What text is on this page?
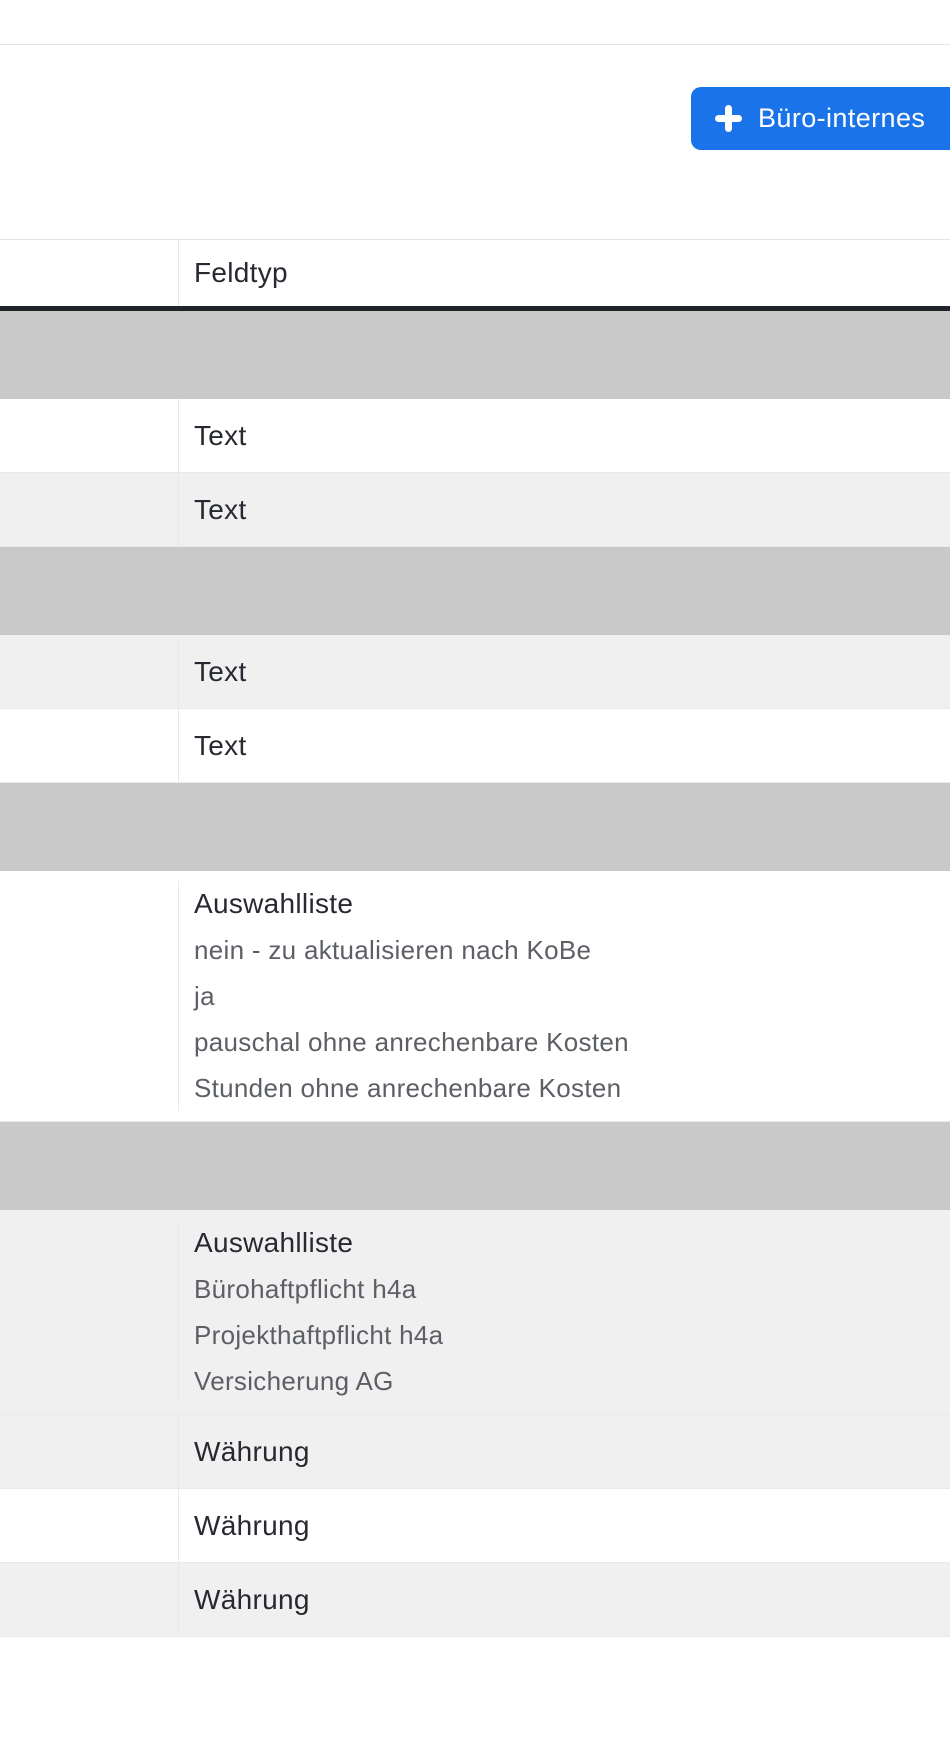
Büro-internes
Feldtyp
Text
Text
Text
Text
Auswahlliste
nein - zu aktualisieren nach KoBe
ja
pauschal ohne anrechenbare Kosten
Stunden ohne anrechenbare Kosten
Auswahlliste
Bürohaftpflicht h4a
Projekthaftpflicht h4a
Versicherung AG
Währung
Währung
Währung
